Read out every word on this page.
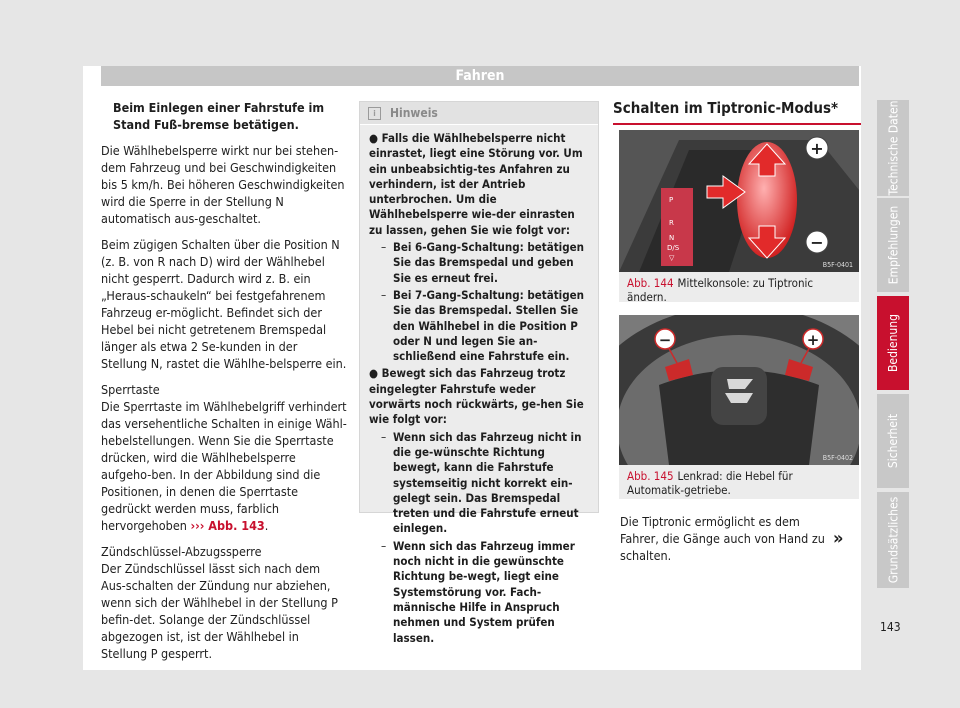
Fahren

Beim Einlegen einer Fahrstufe im Stand Fuß-bremse betätigen.

Die Wählhebelsperre wirkt nur bei stehen-dem Fahrzeug und bei Geschwindigkeiten bis 5 km/h. Bei höheren Geschwindigkeiten wird die Sperre in der Stellung N automatisch aus-geschaltet.

Beim zügigen Schalten über die Position N (z. B. von R nach D) wird der Wählhebel nicht gesperrt. Dadurch wird z. B. ein „Heraus-schaukeln“ bei festgefahrenem Fahrzeug er-möglicht. Befindet sich der Hebel bei nicht getretenem Bremspedal länger als etwa 2 Se-kunden in der Stellung N, rastet die Wählhe-belsperre ein.

Sperrtaste

Die Sperrtaste im Wählhebelgriff verhindert das versehentliche Schalten in einige Wähl-hebelstellungen. Wenn Sie die Sperrtaste drücken, wird die Wählhebelsperre aufgeho-ben. In der Abbildung sind die Positionen, in denen die Sperrtaste gedrückt werden muss, farblich hervorgehoben ››› Abb. 143.

Zündschlüssel-Abzugssperre

Der Zündschlüssel lässt sich nach dem Aus-schalten der Zündung nur abziehen, wenn sich der Wählhebel in der Stellung P befin-det. Solange der Zündschlüssel abgezogen ist, ist der Wählhebel in Stellung P gesperrt.

i	Hinweis
● Falls die Wählhebelsperre nicht einrastet, liegt eine Störung vor. Um ein unbeabsichtig-tes Anfahren zu verhindern, ist der Antrieb unterbrochen. Um die Wählhebelsperre wie-der einrasten zu lassen, gehen Sie wie folgt vor:
– Bei 6-Gang-Schaltung: betätigen Sie das Bremspedal und geben Sie es erneut frei.
– Bei 7-Gang-Schaltung: betätigen Sie das Bremspedal. Stellen Sie den Wählhebel in die Position P oder N und legen Sie an-schließend eine Fahrstufe ein.
● Bewegt sich das Fahrzeug trotz eingelegter Fahrstufe weder vorwärts noch rückwärts, ge-hen Sie wie folgt vor:
– Wenn sich das Fahrzeug nicht in die ge-wünschte Richtung bewegt, kann die Fahrstufe systemseitig nicht korrekt ein-gelegt sein. Das Bremspedal treten und die Fahrstufe erneut einlegen.
– Wenn sich das Fahrzeug immer noch nicht in die gewünschte Richtung be-wegt, liegt eine Systemstörung vor. Fach-männische Hilfe in Anspruch nehmen und System prüfen lassen.
Schalten im Tiptronic-Modus*
P
R
N
D/S
▽
+
−
B5F-0401
Abb. 144 Mittelkonsole: zu Tiptronic ändern.
−	+
B5F-0402
Abb. 145 Lenkrad: die Hebel für Automatik-getriebe.
Die Tiptronic ermöglicht es dem Fahrer, die Gänge auch von Hand zu schalten.
»
Technische Daten
Empfehlungen
Bedienung
Sicherheit
Grundsätzliches
143
